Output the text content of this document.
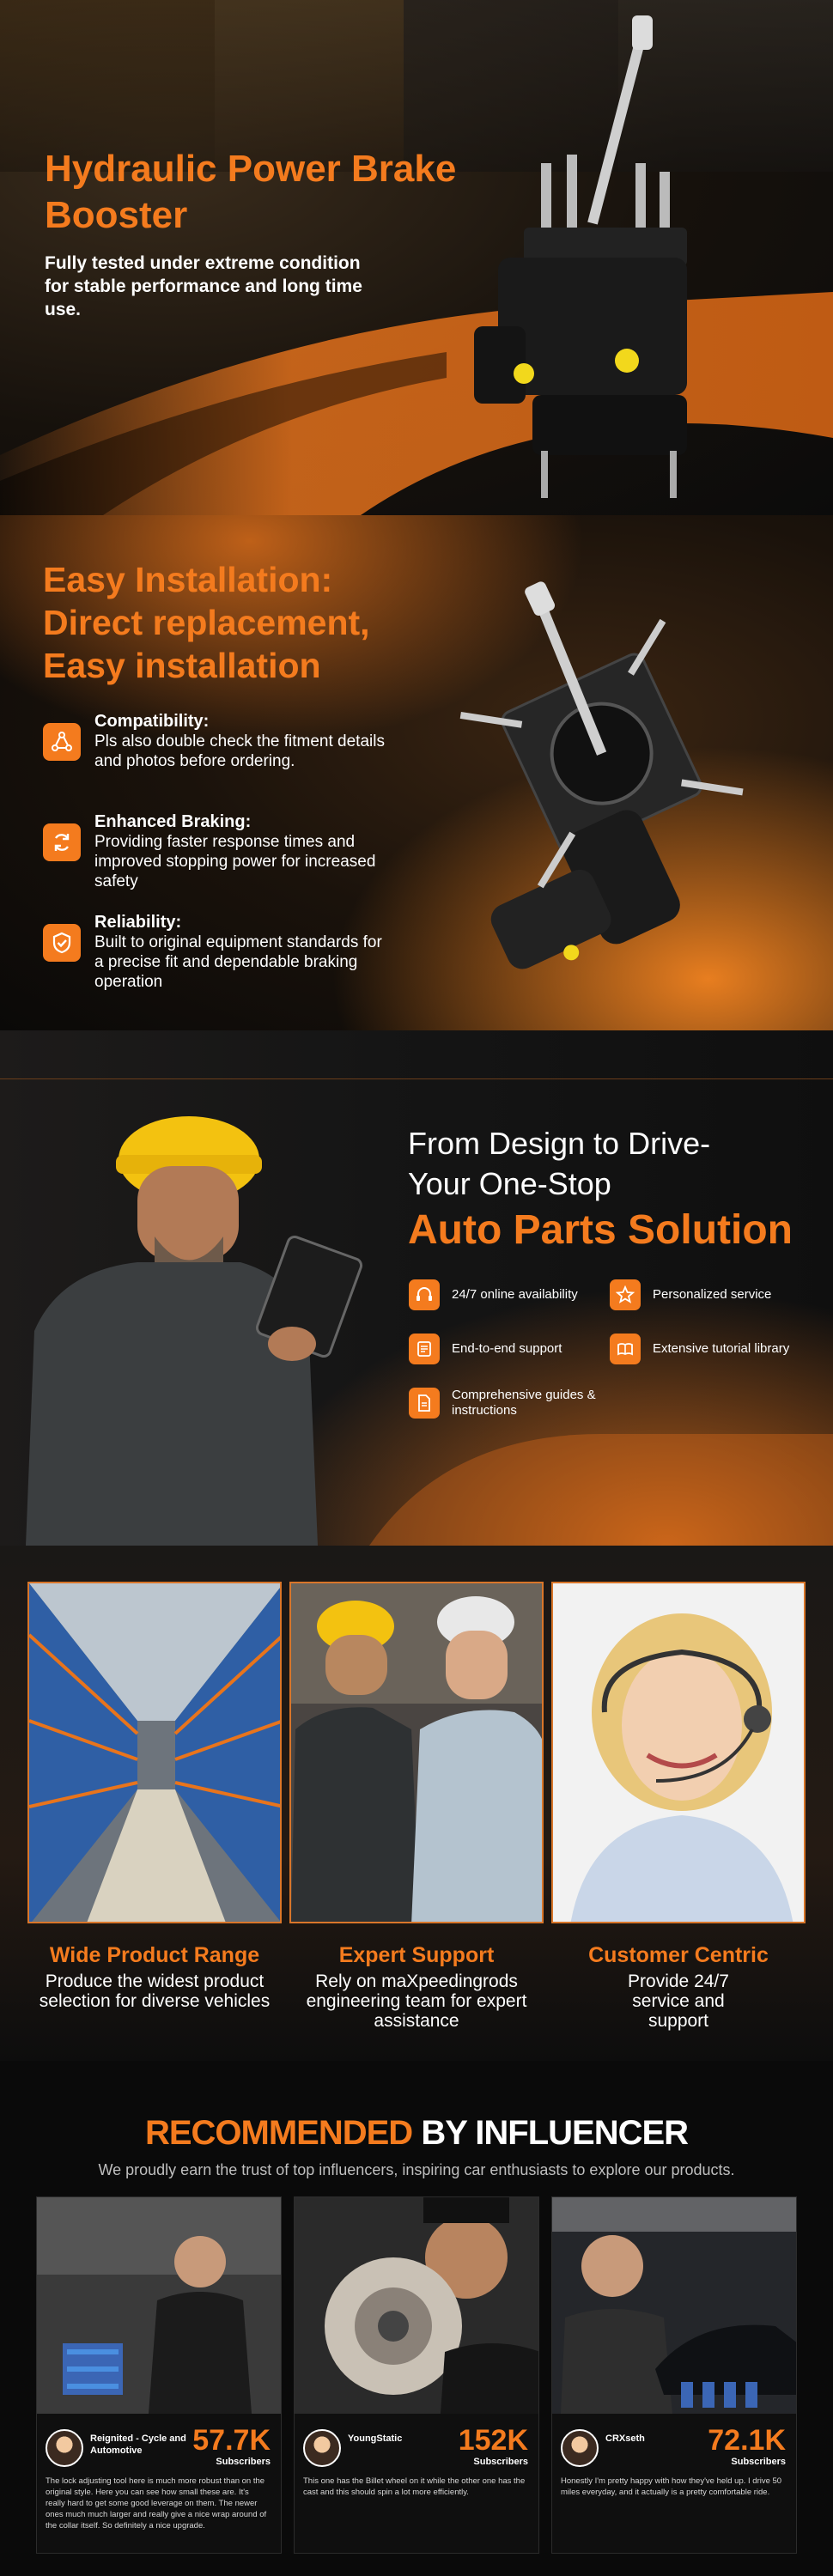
Hydraulic Power Brake Booster
Fully tested under extreme condition for stable performance and long time use.
Easy Installation: Direct replacement, Easy installation
Compatibility:
Pls also double check the fitment details and photos before ordering.
Enhanced Braking:
Providing faster response times and improved stopping power for increased safety
Reliability:
Built to original equipment standards for a precise fit and dependable braking operation
From Design to Drive-
Your One-Stop
Auto Parts Solution
24/7 online availability	Personalized service
End-to-end support	Extensive tutorial library
Comprehensive guides & instructions
Wide Product Range
Produce the widest product selection for diverse vehicles
Expert Support
Rely on maXpeedingrods engineering team for expert assistance
Customer Centric
Provide 24/7 service and support
RECOMMENDED BY INFLUENCER
We proudly earn the trust of top influencers, inspiring car enthusiasts to explore our products.
Reignited - Cycle and Automotive	57.7K
Subscribers
The lock adjusting tool here is much more robust than on the original style. Here you can see how small these are. It's really hard to get some good leverage on them. The newer ones much much larger and really give a nice wrap around of the collar itself. So definitely a nice upgrade.
YoungStatic	152K
Subscribers
This one has the Billet wheel on it while the other one has the cast and this should spin a lot more efficiently.
CRXseth	72.1K
Subscribers
Honestly I'm pretty happy with how they've held up. I drive 50 miles everyday, and it actually is a pretty comfortable ride.
